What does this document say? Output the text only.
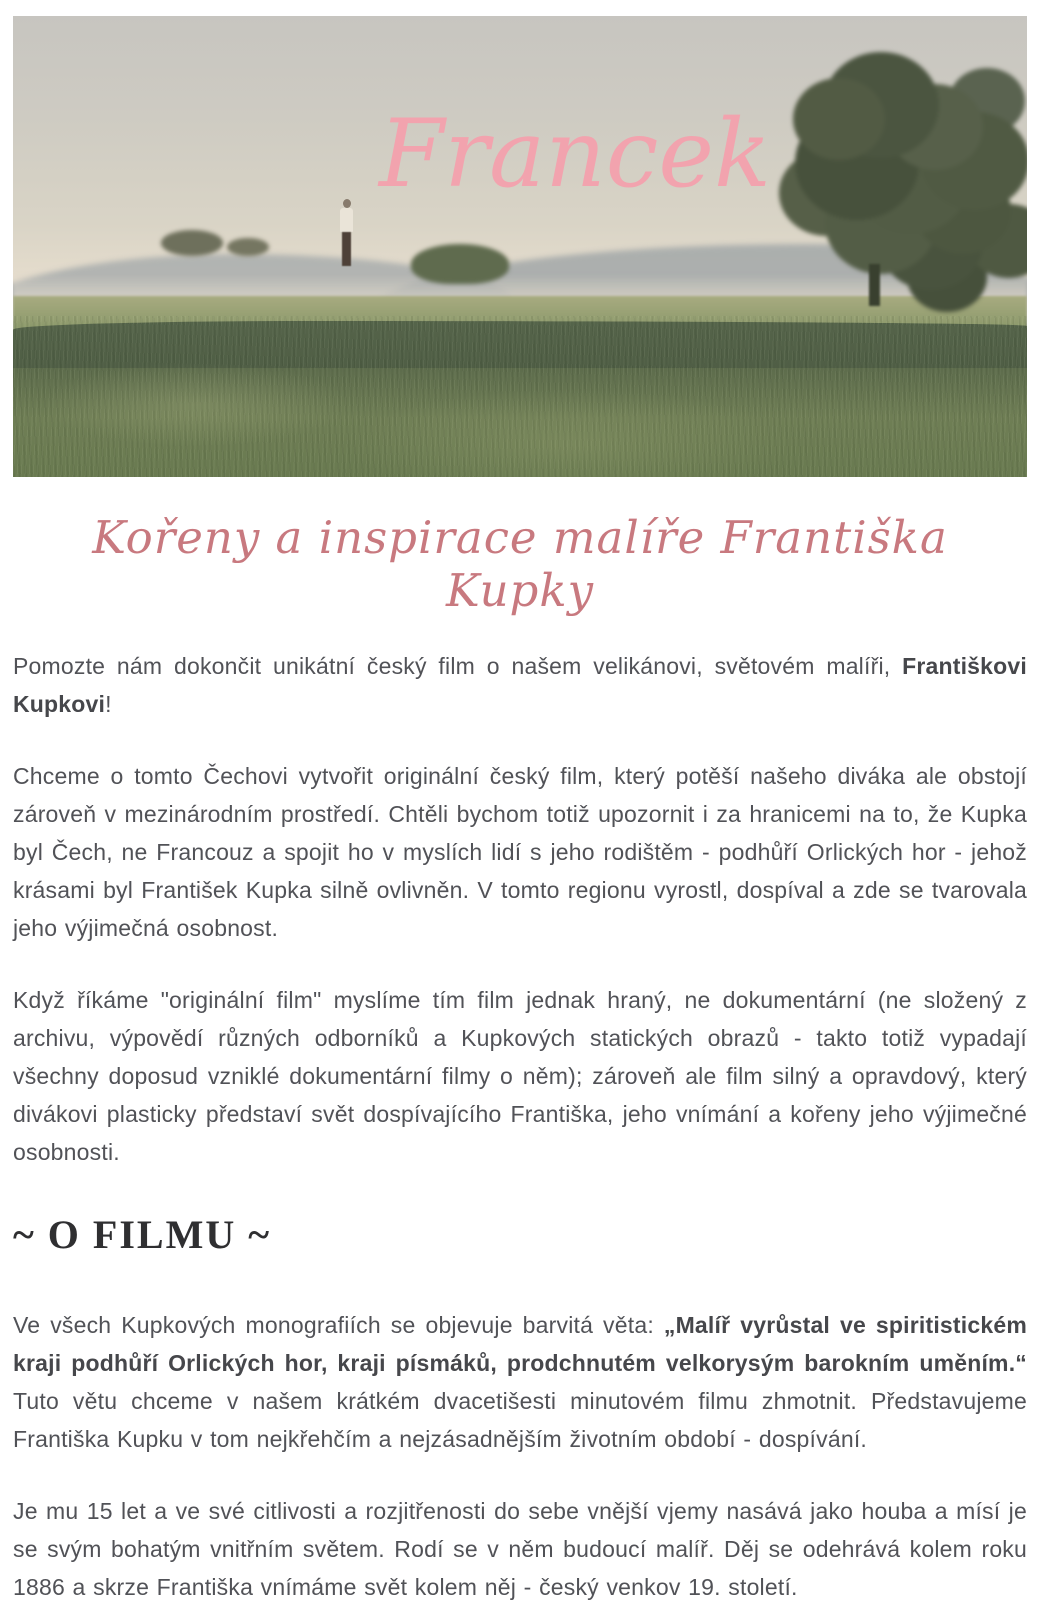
Francek
Kořeny a inspirace malíře Františka Kupky

Pomozte nám dokončit unikátní český film o našem velikánovi, světovém malíři, Františkovi Kupkovi!

Chceme o tomto Čechovi vytvořit originální český film, který potěší našeho diváka ale obstojí zároveň v mezinárodním prostředí. Chtěli bychom totiž upozornit i za hranicemi na to, že Kupka byl Čech, ne Francouz a spojit ho v myslích lidí s jeho rodištěm - podhůří Orlických hor - jehož krásami byl František Kupka silně ovlivněn. V tomto regionu vyrostl, dospíval a zde se tvarovala jeho výjimečná osobnost.

Když říkáme "originální film" myslíme tím film jednak hraný, ne dokumentární (ne složený z archivu, výpovědí různých odborníků a Kupkových statických obrazů - takto totiž vypadají všechny doposud vzniklé dokumentární filmy o něm); zároveň ale film silný a opravdový, který divákovi plasticky představí svět dospívajícího Františka, jeho vnímání a kořeny jeho výjimečné osobnosti.

~ O FILMU ~

Ve všech Kupkových monografiích se objevuje barvitá věta: „Malíř vyrůstal ve spiritistickém kraji podhůří Orlických hor, kraji písmáků, prodchnutém velkorysým barokním uměním.“ Tuto větu chceme v našem krátkém dvacetišesti minutovém filmu zhmotnit. Představujeme Františka Kupku v tom nejkřehčím a nejzásadnějším životním období - dospívání.

Je mu 15 let a ve své citlivosti a rozjitřenosti do sebe vnější vjemy nasává jako houba a mísí je se svým bohatým vnitřním světem. Rodí se v něm budoucí malíř. Děj se odehrává kolem roku 1886 a skrze Františka vnímáme svět kolem něj - český venkov 19. století.
